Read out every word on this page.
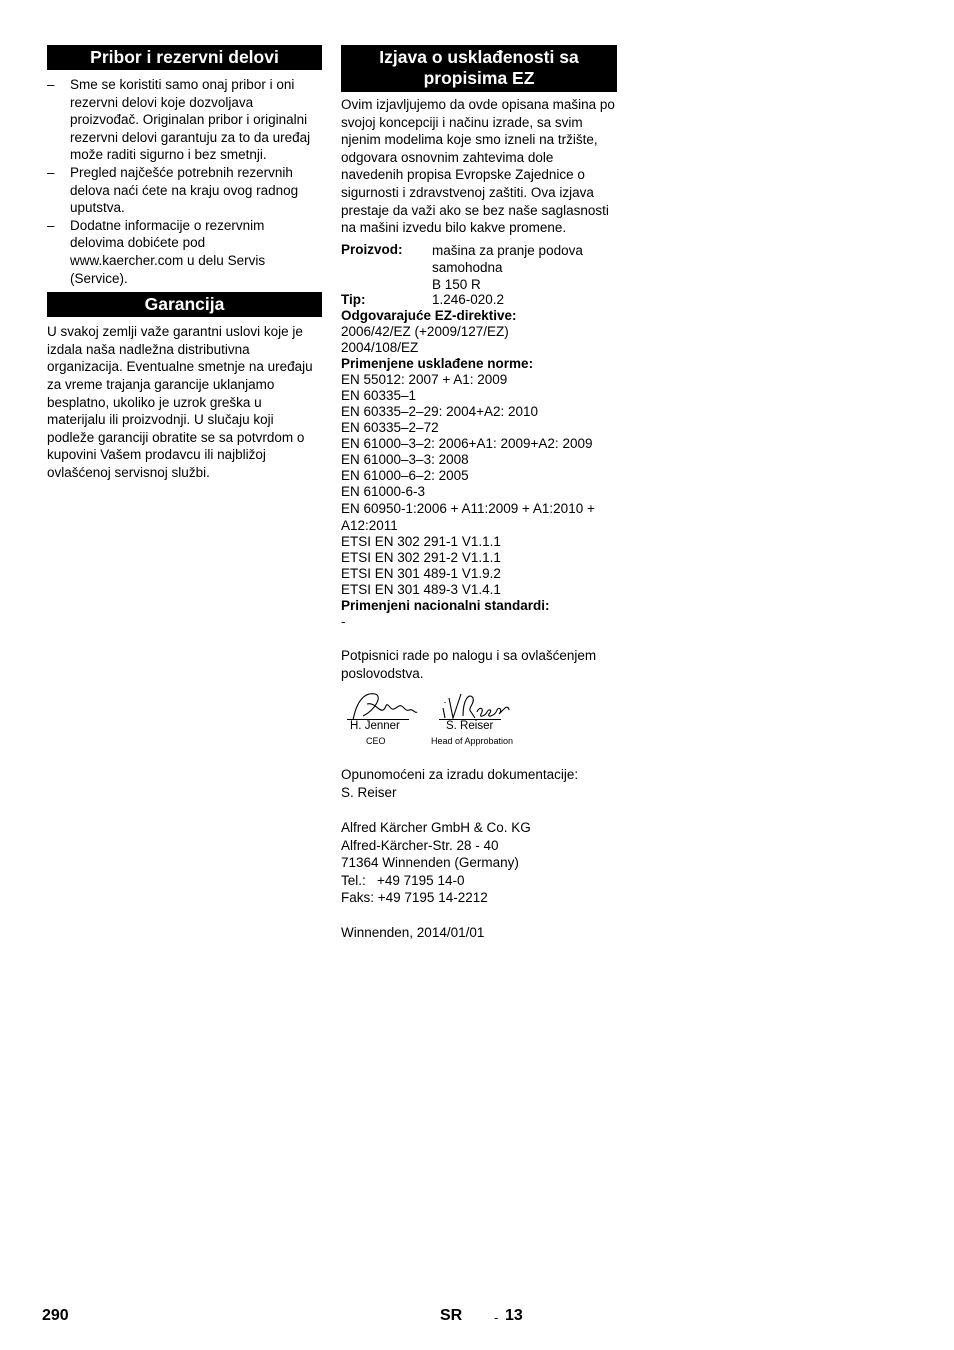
Pribor i rezervni delovi
– Sme se koristiti samo onaj pribor i oni rezervni delovi koje dozvoljava proizvođač. Originalan pribor i originalni rezervni delovi garantuju za to da uređaj može raditi sigurno i bez smetnji.
– Pregled najčešće potrebnih rezervnih delova naći ćete na kraju ovog radnog uputstva.
– Dodatne informacije o rezervnim delovima dobićete pod www.kaercher.com u delu Servis (Service).
Garancija

U svakoj zemlji važe garantni uslovi koje je izdala naša nadležna distributivna organizacija. Eventualne smetnje na uređaju za vreme trajanja garancije uklanjamo besplatno, ukoliko je uzrok greška u materijalu ili proizvodnji. U slučaju koji podleže garanciji obratite se sa potvrdom o kupovini Vašem prodavcu ili najbližoj ovlašćenoj servisnoj službi.

Izjava o usklađenosti sa
propisima EZ

Ovim izjavljujemo da ovde opisana mašina po svojoj koncepciji i načinu izrade, sa svim njenim modelima koje smo izneli na tržište, odgovara osnovnim zahtevima dole navedenih propisa Evropske Zajednice o sigurnosti i zdravstvenoj zaštiti. Ova izjava prestaje da važi ako se bez naše saglasnosti na mašini izvedu bilo kakve promene.

Proizvod:	mašina za pranje podova
samohodna
B 150 R
Tip:	1.246-020.2
Odgovarajuće EZ-direktive:
2006/42/EZ (+2009/127/EZ)
2004/108/EZ
Primenjene usklađene norme:
EN 55012: 2007 + A1: 2009
EN 60335–1
EN 60335–2–29: 2004+A2: 2010
EN 60335–2–72
EN 61000–3–2: 2006+A1: 2009+A2: 2009
EN 61000–3–3: 2008
EN 61000–6–2: 2005
EN 61000-6-3
EN 60950-1:2006 + A11:2009 + A1:2010 +
A12:2011
ETSI EN 302 291-1 V1.1.1
ETSI EN 302 291-2 V1.1.1
ETSI EN 301 489-1 V1.9.2
ETSI EN 301 489-3 V1.4.1
Primenjeni nacionalni standardi:
-

Potpisnici rade po nalogu i sa ovlašćenjem poslovodstva.

H. Jenner
CEO
S. Reiser
Head of Approbation
Opunomoćeni za izradu dokumentacije:
S. Reiser
Alfred Kärcher GmbH & Co. KG
Alfred-Kärcher-Str. 28 - 40
71364 Winnenden (Germany)
Tel.:   +49 7195 14-0
Faks: +49 7195 14-2212
Winnenden, 2014/01/01
290	SR - 13
